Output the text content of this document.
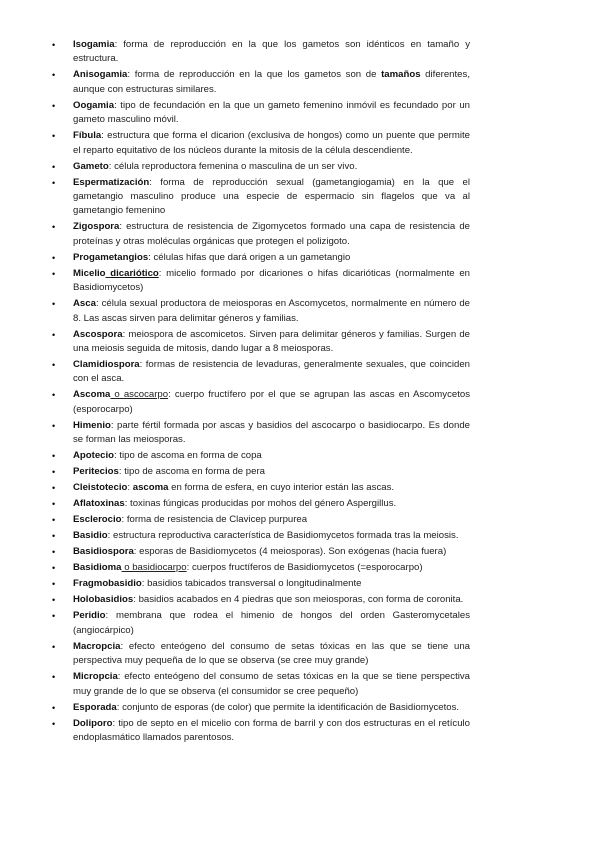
• Isogamia: forma de reproducción en la que los gametos son idénticos en tamaño y estructura.
• Anisogamia: forma de reproducción en la que los gametos son de tamaños diferentes, aunque con estructuras similares.
• Oogamia: tipo de fecundación en la que un gameto femenino inmóvil es fecundado por un gameto masculino móvil.
• Fíbula: estructura que forma el dicarion (exclusiva de hongos) como un puente que permite el reparto equitativo de los núcleos durante la mitosis de la célula descendiente.
• Gameto: célula reproductora femenina o masculina de un ser vivo.
• Espermatización: forma de reproducción sexual (gametangiogamia) en la que el gametangio masculino produce una especie de espermacio sin flagelos que va al gametangio femenino
• Zigospora: estructura de resistencia de Zigomycetos formado una capa de resistencia de proteínas y otras moléculas orgánicas que protegen el polizigoto.
• Progametangios: células hifas que dará origen a un gametangio
• Micelio dicariótico: micelio formado por dicariones o hifas dicarióticas (normalmente en Basidiomycetos)
• Asca: célula sexual productora de meiosporas en Ascomycetos, normalmente en número de 8. Las ascas sirven para delimitar géneros y familias.
• Ascospora: meiospora de ascomicetos. Sirven para delimitar géneros y familias. Surgen de una meiosis seguida de mitosis, dando lugar a 8 meiosporas.
• Clamidiospora: formas de resistencia de levaduras, generalmente sexuales, que coinciden con el asca.
• Ascoma o ascocarpo: cuerpo fructífero por el que se agrupan las ascas en Ascomycetos (esporocarpo)
• Himenio: parte fértil formada por ascas y basidios del ascocarpo o basidiocarpo. Es donde se forman las meiosporas.
• Apotecio: tipo de ascoma en forma de copa
• Peritecios: tipo de ascoma en forma de pera
• Cleistotecio: ascoma en forma de esfera, en cuyo interior están las ascas.
• Aflatoxinas: toxinas fúngicas producidas por mohos del género Aspergillus.
• Esclerocio: forma de resistencia de Clavicep purpurea
• Basidio: estructura reproductiva característica de Basidiomycetos formada tras la meiosis.
• Basidiospora: esporas de Basidiomycetos (4 meiosporas). Son exógenas (hacia fuera)
• Basidioma o basidiocarpo: cuerpos fructíferos de Basidiomycetos (=esporocarpo)
• Fragmobasidio: basidios tabicados transversal o longitudinalmente
• Holobasidios: basidios acabados en 4 piedras que son meiosporas, con forma de coronita.
• Peridio: membrana que rodea el himenio de hongos del orden Gasteromycetales (angiocárpico)
• Macropcia: efecto enteógeno del consumo de setas tóxicas en las que se tiene una perspectiva muy pequeña de lo que se observa (se cree muy grande)
• Micropcia: efecto enteógeno del consumo de setas tóxicas en la que se tiene perspectiva muy grande de lo que se observa (el consumidor se cree pequeño)
• Esporada: conjunto de esporas (de color) que permite la identificación de Basidiomycetos.
• Doliporo: tipo de septo en el micelio con forma de barril y con dos estructuras en el retículo endoplasmático llamados parentosos.
